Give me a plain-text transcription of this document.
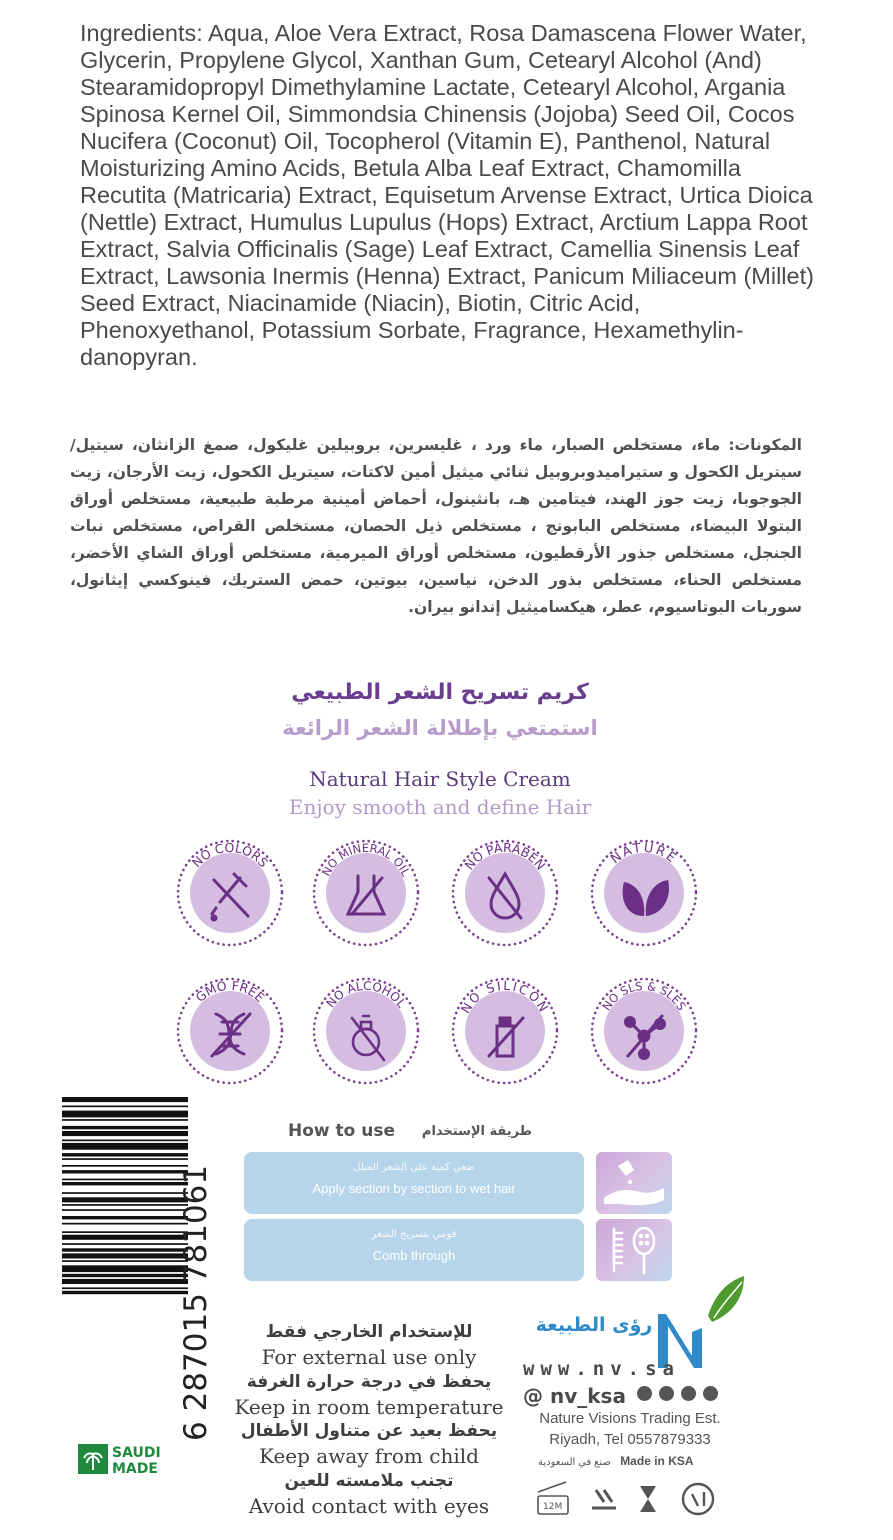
Ingredients: Aqua, Aloe Vera Extract, Rosa Damascena Flower Water, Glycerin, Propylene Glycol, Xanthan Gum, Cetearyl Alcohol (And) Stearamidopropyl Dimethylamine Lactate, Cetearyl Alcohol, Argania Spinosa Kernel Oil, Simmondsia Chinensis (Jojoba) Seed Oil, Cocos Nucifera (Coconut) Oil, Tocopherol (Vitamin E), Panthenol, Natural Moisturizing Amino Acids, Betula Alba Leaf Extract, Chamomilla Recutita (Matricaria) Extract, Equisetum Arvense Extract, Urtica Dioica (Nettle) Extract, Humulus Lupulus (Hops) Extract, Arctium Lappa Root Extract, Salvia Officinalis (Sage) Leaf Extract, Camellia Sinensis Leaf Extract, Lawsonia Inermis (Henna) Extract, Panicum Miliaceum (Millet) Seed Extract, Niacinamide (Niacin), Biotin, Citric Acid, Phenoxyethanol, Potassium Sorbate, Fragrance, Hexamethylin-danopyran.

المكونات: ماء، مستخلص الصبار، ماء ورد ، غليسرين، بروبيلين غليكول، صمغ الزانثان، سيتيل/سيتريل الكحول و ستيراميدوبروبيل ثنائي ميثيل أمين لاكتات، سيتريل الكحول، زيت الأرجان، زيت الجوجوبا، زيت جوز الهند، فيتامين هـ، بانثينول، أحماض أمينية مرطبة طبيعية، مستخلص أوراق البتولا البيضاء، مستخلص البابونج ، مستخلص ذيل الحصان، مستخلص القراص، مستخلص نبات الجنجل، مستخلص جذور الأرقطيون، مستخلص أوراق الميرمية، مستخلص أوراق الشاي الأخضر، مستخلص الحناء، مستخلص بذور الدخن، نياسين، بيوتين، حمض الستريك، فينوكسي إيثانول، سوربات البوتاسيوم، عطر، هيكساميثيل إندانو بيران.

كريم تسريح الشعر الطبيعي
استمتعي بإطلالة الشعر الرائعة
Natural Hair Style Cream
Enjoy smooth and define Hair
NO COLORS
NO MINERAL OIL	NO PARABEN	NATURE
GMO FREE	NO ALCOHOL	NO SILICON	NO SLS & SLES
6 287015 781061
SAUDI
MADE
How to use طريقة الإستخدام
ضعي كمية على الشعر المبلل
Apply section by section to wet hair
قومي بتسريح الشعر
Comb through
للإستخدام الخارجي فقط
For external use only
يحفظ في درجة حرارة الغرفة
Keep in room temperature
يحفظ بعيد عن متناول الأطفال
Keep away from child
تجنب ملامسته للعين
Avoid contact with eyes
رؤى الطبيعة
www.nv.sa
@ nv_ksa
Nature Visions Trading Est.
Riyadh, Tel 0557879333
صنع في السعودية Made in KSA
12M
